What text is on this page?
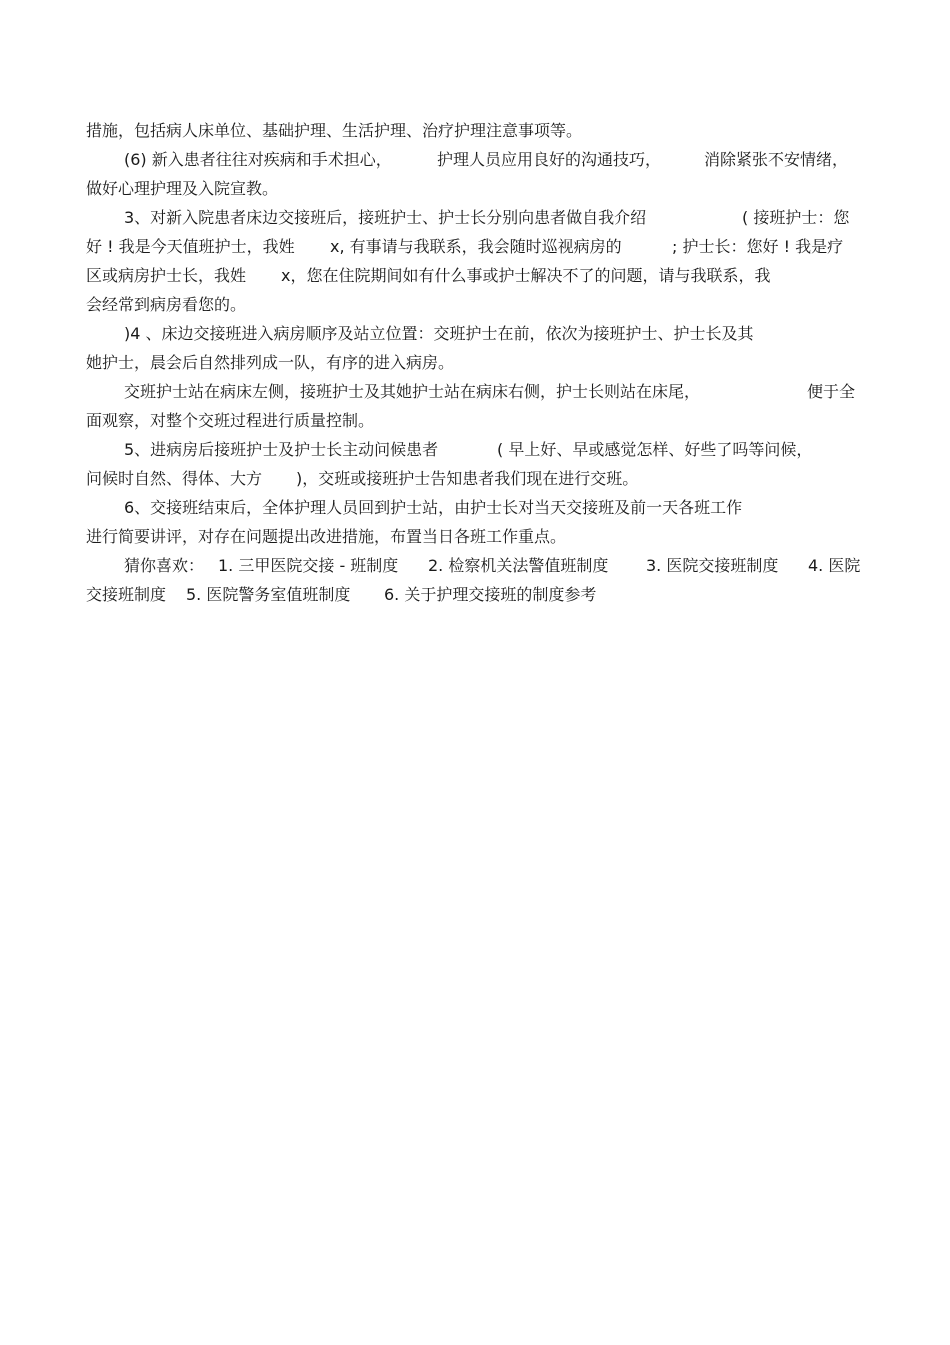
措施，包括病人床单位、基础护理、生活护理、治疗护理注意事项等。
(6) 新入患者往往对疾病和手术担心，	护理人员应用良好的沟通技巧，	消除紧张不安情绪，
做好心理护理及入院宣教。
3、对新入院患者床边交接班后，接班护士、护士长分别向患者做自我介绍	( 接班护士：您
好 ! 我是今天值班护士，我姓 x, 有事请与我联系，我会随时巡视病房的	; 护士长：您好 ! 我是疗
区或病房护士长，我姓 x，您在住院期间如有什么事或护士解决不了的问题，请与我联系，我
会经常到病房看您的。
)4 、床边交接班进入病房顺序及站立位置：交班护士在前，依次为接班护士、护士长及其
她护士，晨会后自然排列成一队，有序的进入病房。
交班护士站在病床左侧，接班护士及其她护士站在病床右侧，护士长则站在床尾，	便于全
面观察，对整个交班过程进行质量控制。
5、进病房后接班护士及护士长主动问候患者	( 早上好、早或感觉怎样、好些了吗等问候，
问候时自然、得体、大方 )，交班或接班护士告知患者我们现在进行交班。
6、交接班结束后，全体护理人员回到护士站，由护士长对当天交接班及前一天各班工作
进行简要讲评，对存在问题提出改进措施，布置当日各班工作重点。
猜你喜欢： 1. 三甲医院交接 - 班制度 2. 检察机关法警值班制度 3. 医院交接班制度 4. 医院
交接班制度 5. 医院警务室值班制度 6. 关于护理交接班的制度参考
